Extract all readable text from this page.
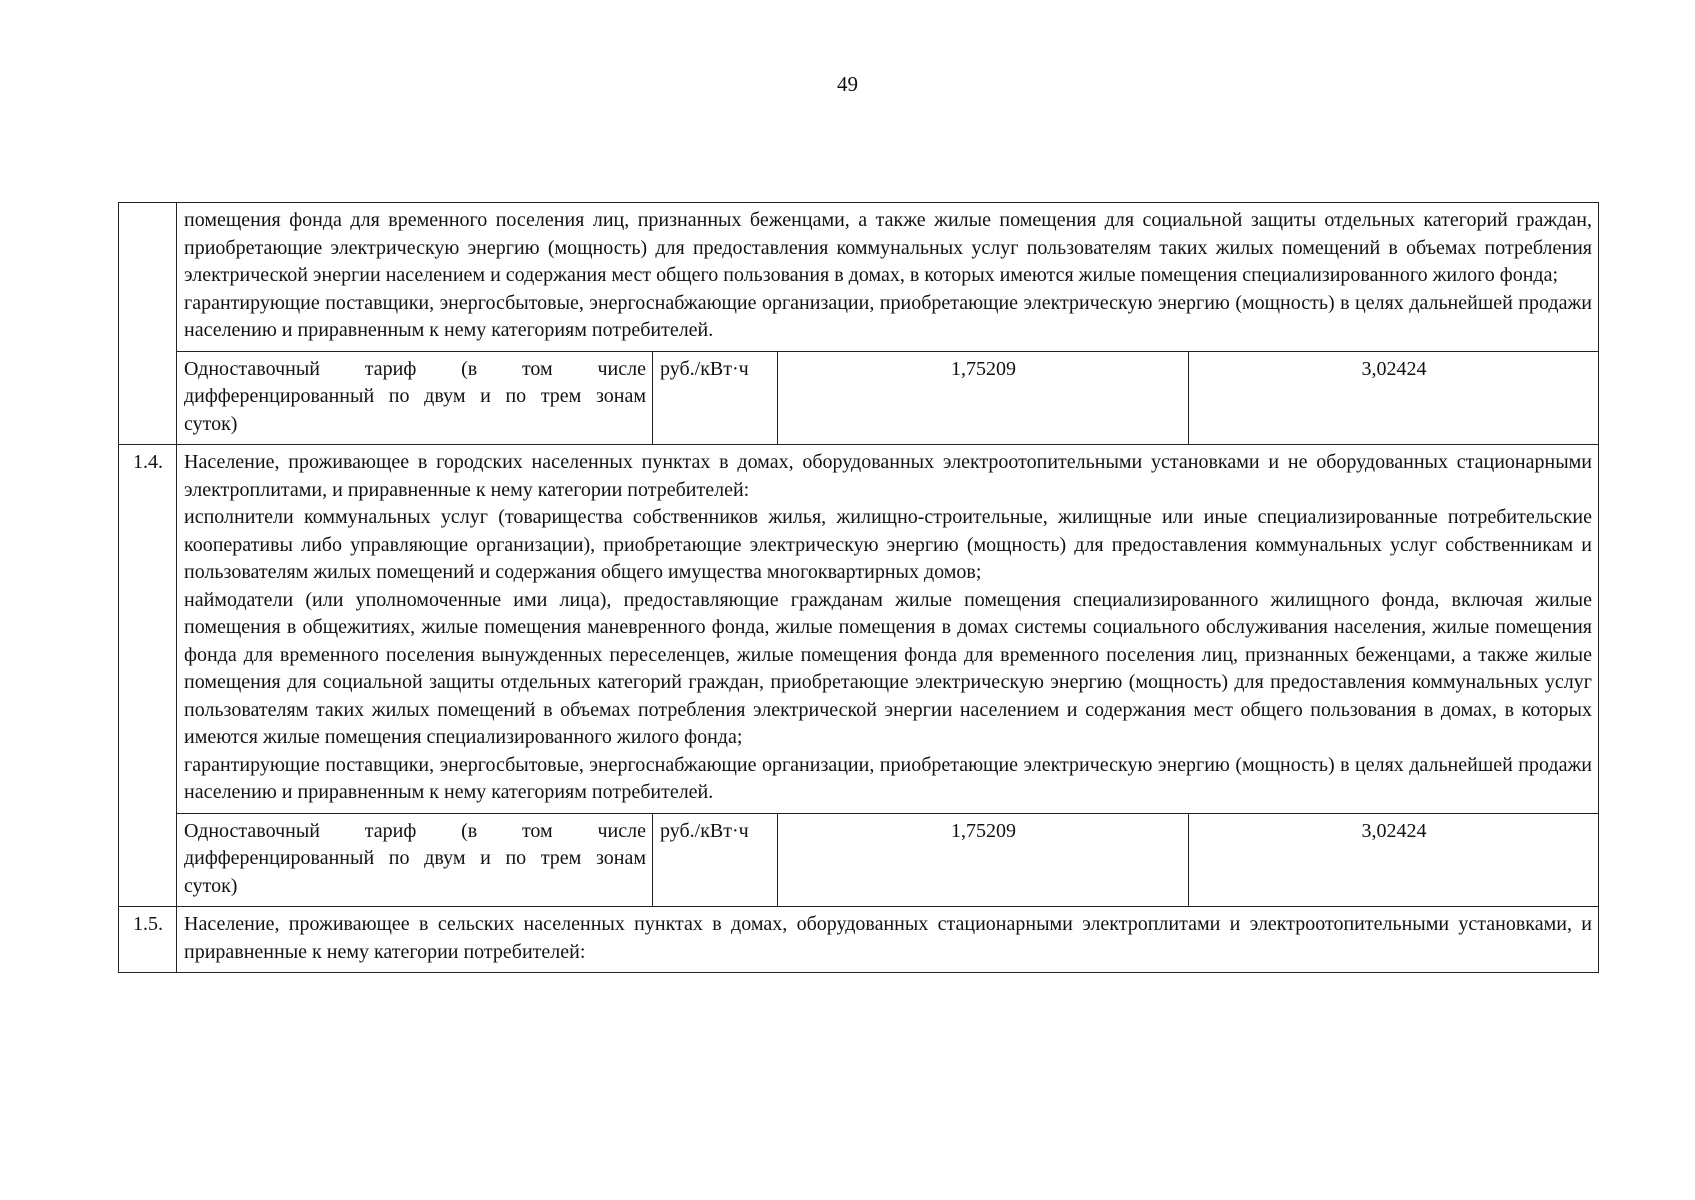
49

	помещения фонда для временного поселения лиц, признанных беженцами, а также жилые помещения для социальной защиты отдельных категорий граждан, приобретающие электрическую энергию (мощность) для предоставления коммунальных услуг пользователям таких жилых помещений в объемах потребления электрической энергии населением и содержания мест общего пользования в домах, в которых имеются жилые помещения специализированного жилого фонда;

гарантирующие поставщики, энергосбытовые, энергоснабжающие организации, приобретающие электрическую энергию (мощность) в целях дальнейшей продажи населению и приравненным к нему категориям потребителей.			

	Одноставочный тариф (в том числе дифференцированный по двум и по трем зонам суток)	руб./кВт·ч	1,75209	3,02424
1.4.	Население, проживающее в городских населенных пунктах в домах, оборудованных электроотопительными установками и не оборудованных стационарными электроплитами, и приравненные к нему категории потребителей:

исполнители коммунальных услуг (товарищества собственников жилья, жилищно-строительные, жилищные или иные специализированные потребительские кооперативы либо управляющие организации), приобретающие электрическую энергию (мощность) для предоставления коммунальных услуг собственникам и пользователям жилых помещений и содержания общего имущества многоквартирных домов;

наймодатели (или уполномоченные ими лица), предоставляющие гражданам жилые помещения специализированного жилищного фонда, включая жилые помещения в общежитиях, жилые помещения маневренного фонда, жилые помещения в домах системы социального обслуживания населения, жилые помещения фонда для временного поселения вынужденных переселенцев, жилые помещения фонда для временного поселения лиц, признанных беженцами, а также жилые помещения для социальной защиты отдельных категорий граждан, приобретающие электрическую энергию (мощность) для предоставления коммунальных услуг пользователям таких жилых помещений в объемах потребления электрической энергии населением и содержания мест общего пользования в домах, в которых имеются жилые помещения специализированного жилого фонда;

гарантирующие поставщики, энергосбытовые, энергоснабжающие организации, приобретающие электрическую энергию (мощность) в целях дальнейшей продажи населению и приравненным к нему категориям потребителей.			

	Одноставочный тариф (в том числе дифференцированный по двум и по трем зонам суток)	руб./кВт·ч	1,75209	3,02424
1.5.	Население, проживающее в сельских населенных пунктах в домах, оборудованных стационарными электроплитами и электроотопительными установками, и приравненные к нему категории потребителей:			
